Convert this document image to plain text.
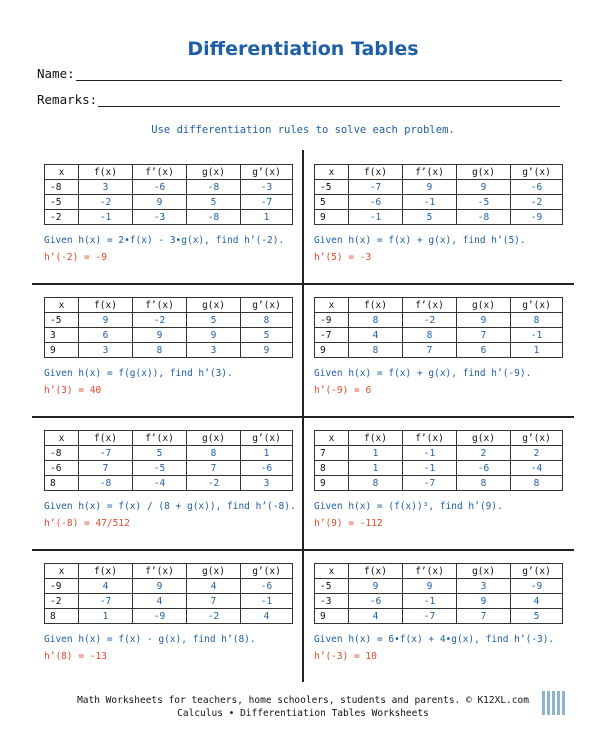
Differentiation Tables
Name:
Remarks:
Use differentiation rules to solve each problem.
x	f(x)	f’(x)	g(x)	g’(x)
-8	3	-6	-8	-3
-5	-2	9	5	-7
-2	-1	-3	-8	1
Given h(x) = 2•f(x) - 3•g(x), find h’(-2).
h’(-2) = -9
x	f(x)	f’(x)	g(x)	g’(x)
-5	-7	9	9	-6
5	-6	-1	-5	-2
9	-1	5	-8	-9
Given h(x) = f(x) + g(x), find h’(5).
h’(5) = -3
x	f(x)	f’(x)	g(x)	g’(x)
-5	9	-2	5	8
3	6	9	9	5
9	3	8	3	9
Given h(x) = f(g(x)), find h’(3).
h’(3) = 40
x	f(x)	f’(x)	g(x)	g’(x)
-9	8	-2	9	8
-7	4	8	7	-1
9	8	7	6	1
Given h(x) = f(x) + g(x), find h’(-9).
h’(-9) = 6
x	f(x)	f’(x)	g(x)	g’(x)
-8	-7	5	8	1
-6	7	-5	7	-6
8	-8	-4	-2	3
Given h(x) = f(x) / (8 + g(x)), find h’(-8).
h’(-8) = 47/512
x	f(x)	f’(x)	g(x)	g’(x)
7	1	-1	2	2
8	1	-1	-6	-4
9	8	-7	8	8
Given h(x) = (f(x))³, find h’(9).
h’(9) = -112
x	f(x)	f’(x)	g(x)	g’(x)
-9	4	9	4	-6
-2	-7	4	7	-1
8	1	-9	-2	4
Given h(x) = f(x) - g(x), find h’(8).
h’(8) = -13
x	f(x)	f’(x)	g(x)	g’(x)
-5	9	9	3	-9
-3	-6	-1	9	4
9	4	-7	7	5
Given h(x) = 6•f(x) + 4•g(x), find h’(-3).
h’(-3) = 10
Math Worksheets for teachers, home schoolers, students and parents. © K12XL.com
Calculus • Differentiation Tables Worksheets
